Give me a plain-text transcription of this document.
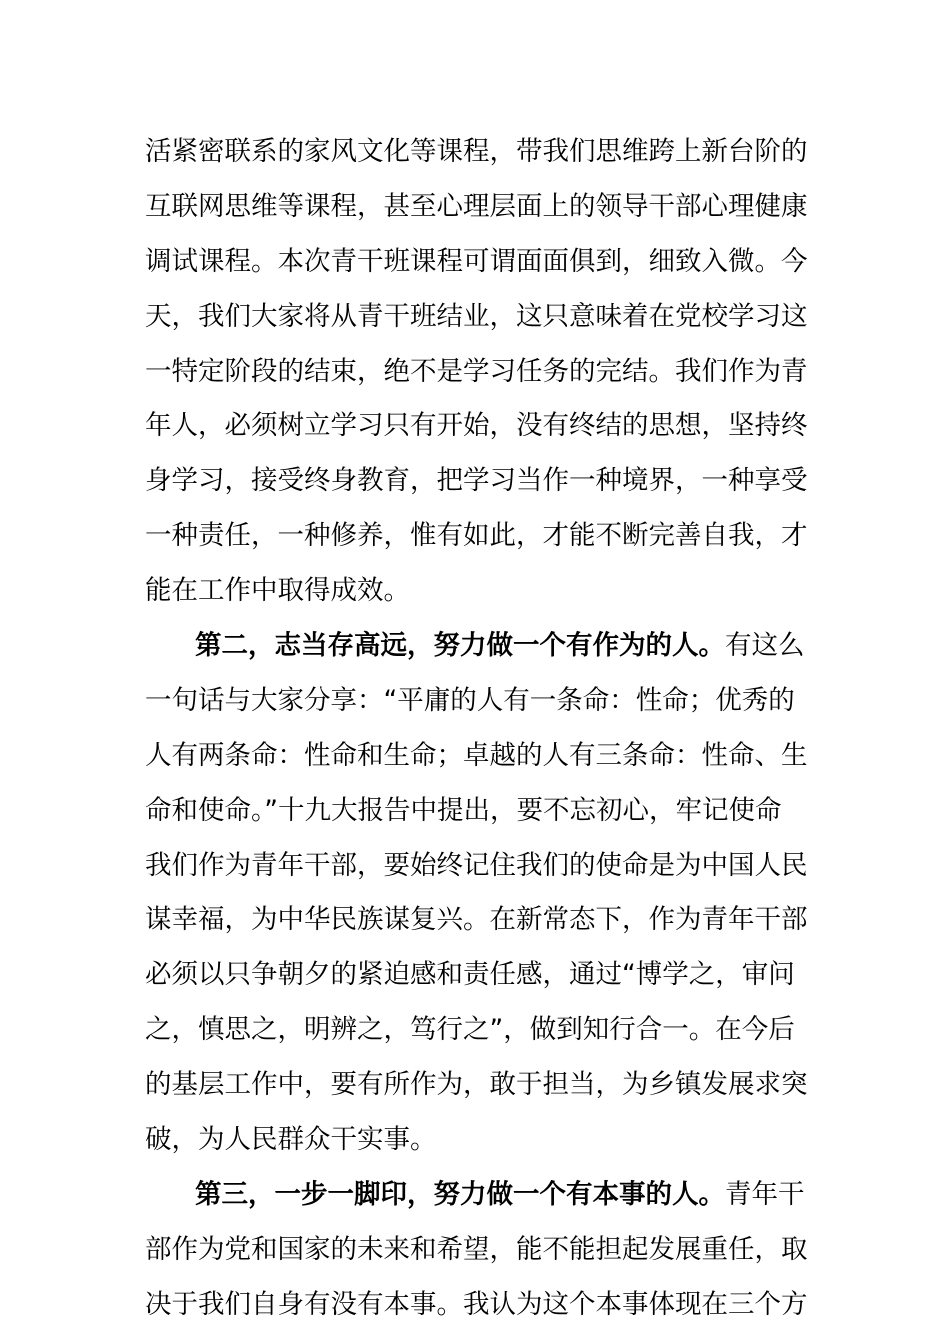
活紧密联系的家风文化等课程，带我们思维跨上新台阶的
互联网思维等课程，甚至心理层面上的领导干部心理健康
调试课程。本次青干班课程可谓面面俱到，细致入微。今
天，我们大家将从青干班结业，这只意味着在党校学习这
一特定阶段的结束，绝不是学习任务的完结。我们作为青
年人，必须树立学习只有开始，没有终结的思想，坚持终
身学习，接受终身教育，把学习当作一种境界，一种享受
一种责任，一种修养，惟有如此，才能不断完善自我，才
能在工作中取得成效。
第二，志当存高远，努力做一个有作为的人。有这么
一句话与大家分享：“平庸的人有一条命：性命；优秀的
人有两条命：性命和生命；卓越的人有三条命：性命、生
命和使命。”十九大报告中提出，要不忘初心，牢记使命
我们作为青年干部，要始终记住我们的使命是为中国人民
谋幸福，为中华民族谋复兴。在新常态下，作为青年干部
必须以只争朝夕的紧迫感和责任感，通过“博学之，审问
之，慎思之，明辨之，笃行之”，做到知行合一。在今后
的基层工作中，要有所作为，敢于担当，为乡镇发展求突
破，为人民群众干实事。
第三，一步一脚印，努力做一个有本事的人。青年干
部作为党和国家的未来和希望，能不能担起发展重任，取
决于我们自身有没有本事。我认为这个本事体现在三个方
